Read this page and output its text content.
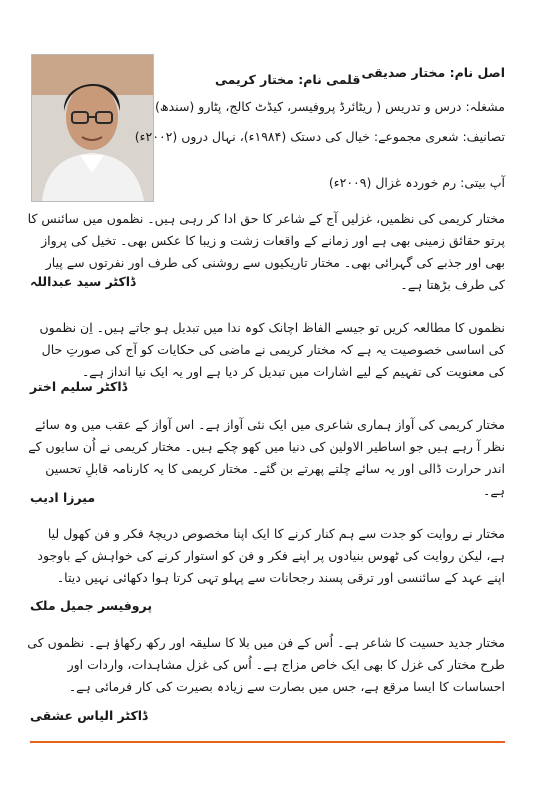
اصل نام: مختار صدیقی
قلمی نام: مختار کریمی
مشغلہ: درس و تدریس ( ریٹائرڈ پروفیسر، کیڈٹ کالج، پٹارو (سندھ)
تصانیف: شعری مجموعے: خیال کی دستک (۱۹۸۴ء)، نہال دروں (۲۰۰۲ء)
آپ بیتی: رم خوردہ غزال (۲۰۰۹ء)
مختار کریمی کی نظمیں، غزلیں آج کے شاعر کا حق ادا کر رہی ہیں۔ نظموں میں سائنس کا پرتو حقائق زمینی بھی ہے اور زمانے کے واقعات زشت و زیبا کا عکس بھی۔ تخیل کی پرواز بھی اور جذبے کی گہرائی بھی۔ مختار تاریکیوں سے روشنی کی طرف اور نفرتوں سے پیار کی طرف بڑھتا ہے۔
ڈاکٹر سید عبداللہ
نظموں کا مطالعہ کریں تو جیسے الفاظ اچانک کوہ ندا میں تبدیل ہو جاتے ہیں۔ اِن نظموں کی اساسی خصوصیت یہ ہے کہ مختار کریمی نے ماضی کی حکایات کو آج کی صورتِ حال کی معنویت کی تفہیم کے لیے اشارات میں تبدیل کر دیا ہے اور یہ ایک نیا انداز ہے۔
ڈاکٹر سلیم اختر
مختار کریمی کی آواز ہماری شاعری میں ایک نئی آواز ہے۔ اس آواز کے عقب میں وہ سائے نظر آ رہے ہیں جو اساطیر الاولین کی دنیا میں کھو چکے ہیں۔ مختار کریمی نے اُن سایوں کے اندر حرارت ڈالی اور یہ سائے چلتے پھرتے بن گئے۔ مختار کریمی کا یہ کارنامہ قابلِ تحسین ہے۔
میرزا ادیب
مختار نے روایت کو جدت سے ہم کنار کرنے کا ایک اپنا مخصوص دریچۂ فکر و فن کھول لیا ہے، لیکن روایت کی ٹھوس بنیادوں پر اپنے فکر و فن کو استوار کرنے کی خواہش کے باوجود اپنے عہد کے سائنسی اور ترقی پسند رجحانات سے پہلو تہی کرتا ہوا دکھائی نہیں دیتا۔
پروفیسر جمیل ملک
مختار جدید حسیت کا شاعر ہے۔ اُس کے فن میں بلا کا سلیقہ اور رکھ رکھاؤ ہے۔ نظموں کی طرح مختار کی غزل کا بھی ایک خاص مزاج ہے۔ اُس کی غزل مشاہدات، واردات اور احساسات کا ایسا مرقع ہے، جس میں بصارت سے زیادہ بصیرت کی کار فرمائی ہے۔
ڈاکٹر الیاس عشقی
